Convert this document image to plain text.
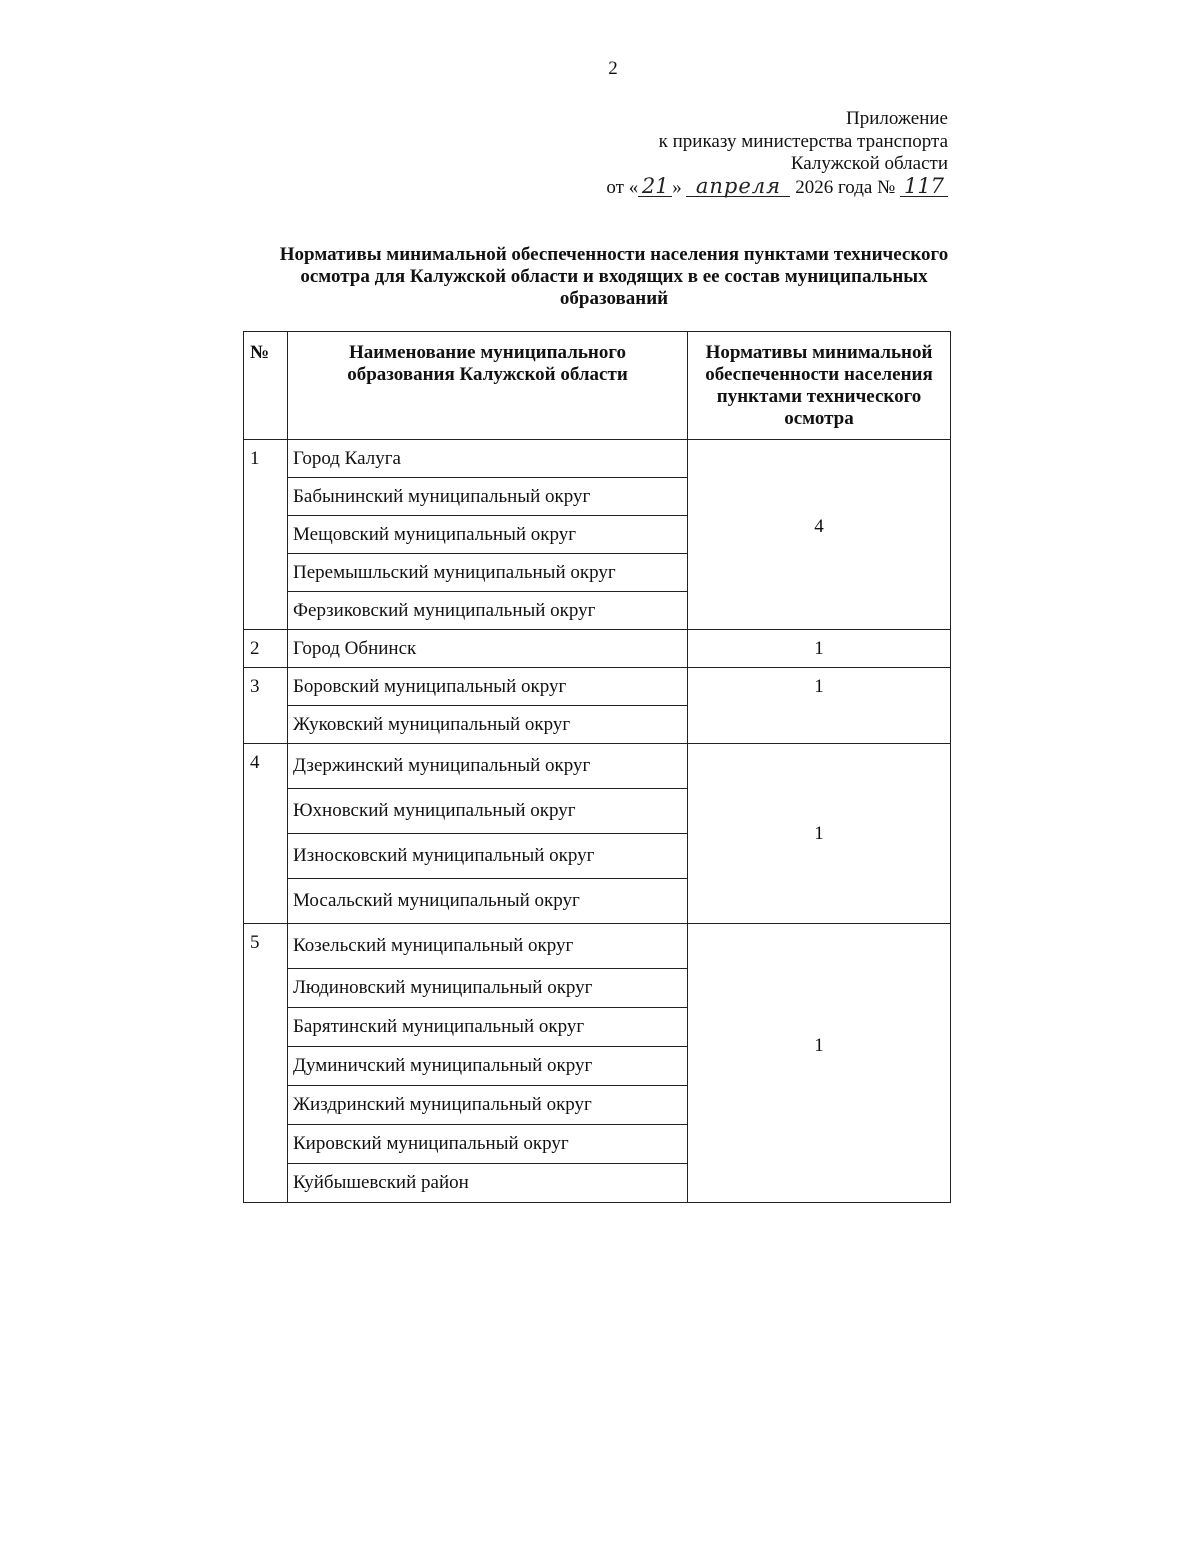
2
Приложение
к приказу министерства транспорта
Калужской области
от « 21 » апреля 2026 года № 117
Нормативы минимальной обеспеченности населения пунктами технического осмотра для Калужской области и входящих в ее состав муниципальных образований
№	Наименование муниципального образования Калужской области	Нормативы минимальной обеспеченности населения пунктами технического осмотра
1	Город Калуга	4
	Бабынинский муниципальный округ	
	Мещовский муниципальный округ	
	Перемышльский муниципальный округ	
	Ферзиковский муниципальный округ	
2	Город Обнинск	1
3	Боровский муниципальный округ	1
	Жуковский муниципальный округ	
4	Дзержинский муниципальный округ	1
	Юхновский муниципальный округ	
	Износковский муниципальный округ	
	Мосальский муниципальный округ	
5	Козельский муниципальный округ	1
	Людиновский муниципальный округ	
	Барятинский муниципальный округ	
	Думиничский муниципальный округ	
	Жиздринский муниципальный округ	
	Кировский муниципальный округ	
	Куйбышевский район	
